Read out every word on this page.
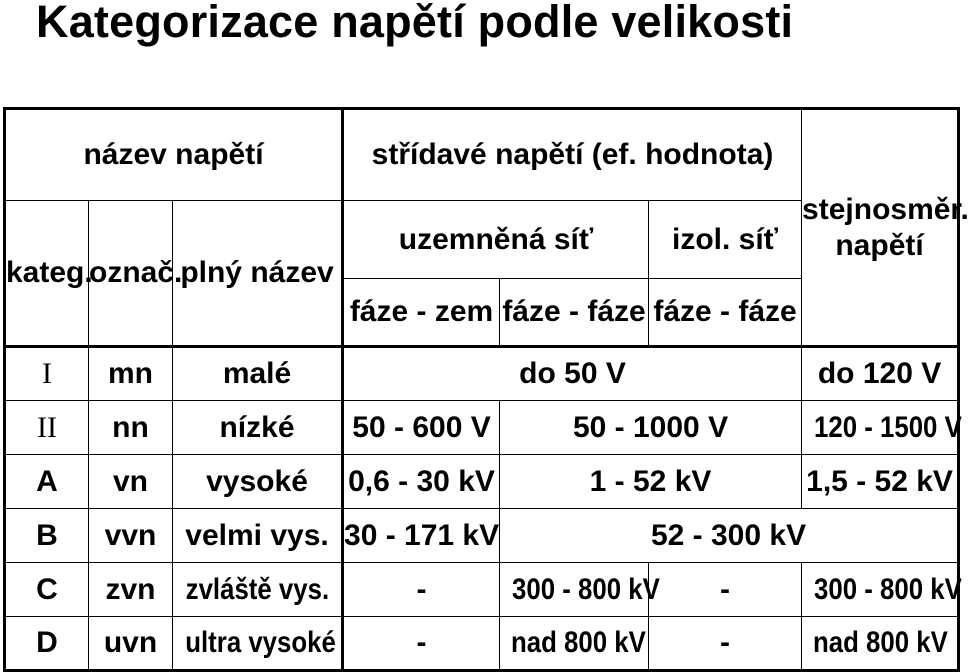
Kategorizace napětí podle velikosti
název napětí			střídavé napětí (ef. hodnota)			stejnosměr. napětí
kateg.	označ.	plný název	uzemněná síť		izol. síť	
			fáze - zem	fáze - fáze	fáze - fáze	
I	mn	malé	do 50 V			do 120 V
II	nn	nízké	50 - 600 V	50 - 1000 V		120 - 1500 V
A	vn	vysoké	0,6 - 30 kV	1 - 52 kV		1,5 - 52 kV
B	vvn	velmi vys.	30 - 171 kV	52 - 300 kV		
C	zvn	zvláště vys.	-	300 - 800 kV	-	300 - 800 kV
D	uvn	ultra vysoké	-	nad 800 kV	-	nad 800 kV
